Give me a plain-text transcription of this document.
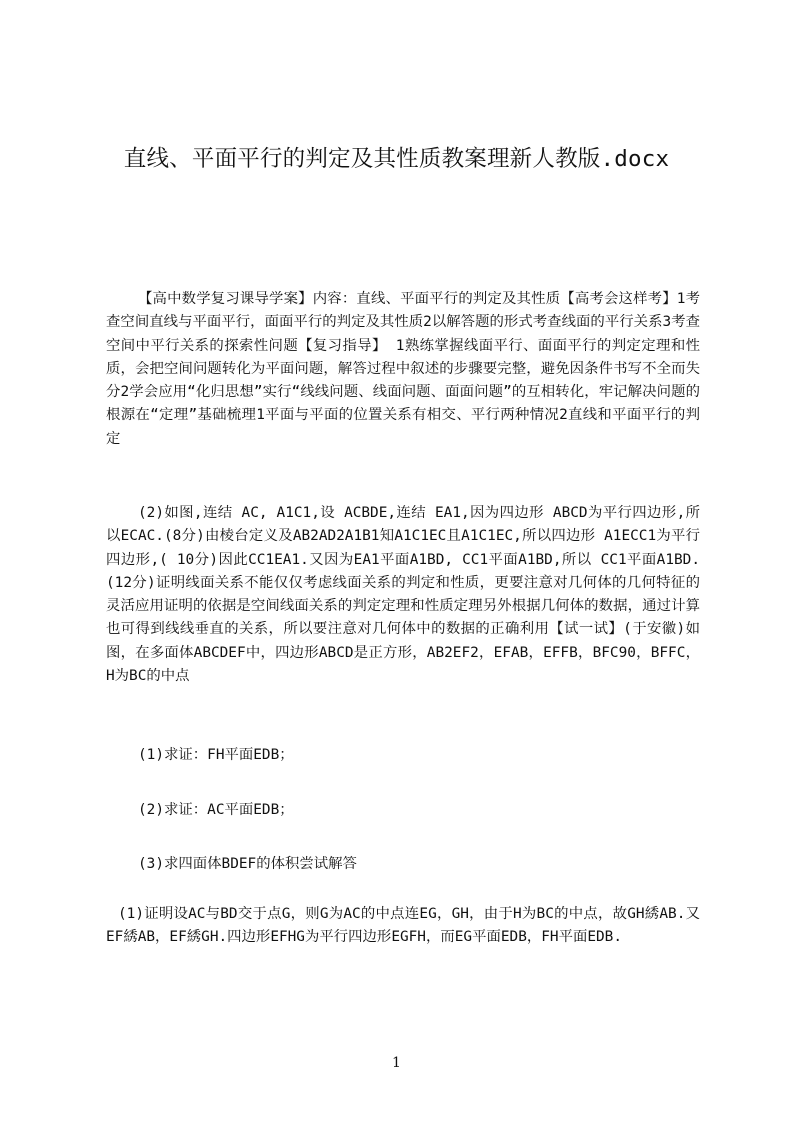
直线、平面平行的判定及其性质教案理新人教版.docx

【高中数学复习课导学案】内容：直线、平面平行的判定及其性质【高考会这样考】1考查空间直线与平面平行，面面平行的判定及其性质2以解答题的形式考查线面的平行关系3考查空间中平行关系的探索性问题【复习指导】 1熟练掌握线面平行、面面平行的判定定理和性质，会把空间问题转化为平面问题，解答过程中叙述的步骤要完整，避免因条件书写不全而失分2学会应用“化归思想”实行“线线问题、线面问题、面面问题”的互相转化，牢记解决问题的根源在“定理”基础梳理1平面与平面的位置关系有相交、平行两种情况2直线和平面平行的判定

(2)如图,连结 AC, A1C1,设 ACBDE,连结 EA1,因为四边形 ABCD为平行四边形,所以ECAC.(8分)由棱台定义及AB2AD2A1B1知A1C1EC且A1C1EC,所以四边形 A1ECC1为平行四边形,( 10分)因此CC1EA1.又因为EA1平面A1BD, CC1平面A1BD,所以 CC1平面A1BD.(12分)证明线面关系不能仅仅考虑线面关系的判定和性质，更要注意对几何体的几何特征的灵活应用证明的依据是空间线面关系的判定定理和性质定理另外根据几何体的数据，通过计算也可得到线线垂直的关系，所以要注意对几何体中的数据的正确利用【试一试】(于安徽)如图，在多面体ABCDEF中，四边形ABCD是正方形，AB2EF2，EFAB，EFFB，BFC90，BFFC，H为BC的中点

(1)求证：FH平面EDB；

(2)求证：AC平面EDB；

(3)求四面体BDEF的体积尝试解答

(1)证明设AC与BD交于点G，则G为AC的中点连EG，GH，由于H为BC的中点，故GH綉AB.又EF綉AB，EF綉GH.四边形EFHG为平行四边形EGFH，而EG平面EDB，FH平面EDB.

1
